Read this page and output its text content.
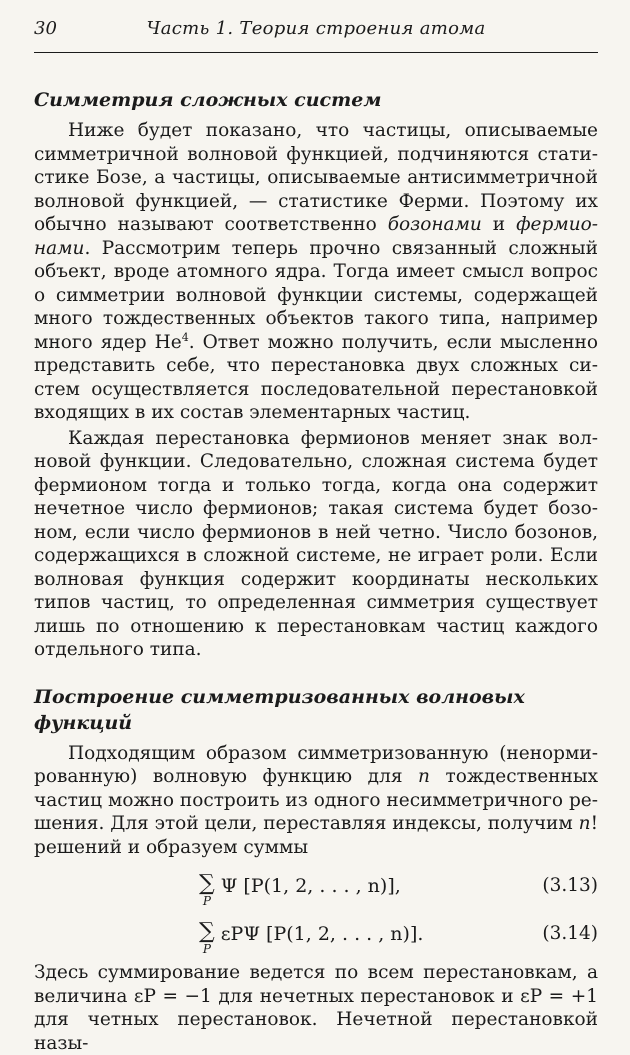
30	Часть 1. Теория строения атома
Симметрия сложных систем

Ниже будет показано, что частицы, описываемые симметричной волновой функцией, подчиняются стати-стике Бозе, а частицы, описываемые антисимметричной волновой функцией, — статистике Ферми. Поэтому их обычно называют соответственно бозонами и фермио-нами. Рассмотрим теперь прочно связанный сложный объект, вроде атомного ядра. Тогда имеет смысл вопрос о симметрии волновой функции системы, содержащей много тождественных объектов такого типа, например много ядер He$^4$. Ответ можно получить, если мысленно представить себе, что перестановка двух сложных си-стем осуществляется последовательной перестановкой входящих в их состав элементарных частиц.

Каждая перестановка фермионов меняет знак вол-новой функции. Следовательно, сложная система будет фермионом тогда и только тогда, когда она содержит нечетное число фермионов; такая система будет бозо-ном, если число фермионов в ней четно. Число бозонов, содержащихся в сложной системе, не играет роли. Если волновая функция содержит координаты нескольких типов частиц, то определенная симметрия существует лишь по отношению к перестановкам частиц каждого отдельного типа.

Построение симметризованных волновых функций

Подходящим образом симметризованную (ненорми-рованную) волновую функцию для n тождественных частиц можно построить из одного несимметричного ре-шения. Для этой цели, переставляя индексы, получим n! решений и образуем суммы

∑
P
Ψ [P(1, 2, . . . , n)],	(3.13)
∑
P
εPΨ [P(1, 2, . . . , n)].	(3.14)

Здесь суммирование ведется по всем перестановкам, а величина εP = −1 для нечетных перестановок и εP = +1 для четных перестановок. Нечетной перестановкой назы-
